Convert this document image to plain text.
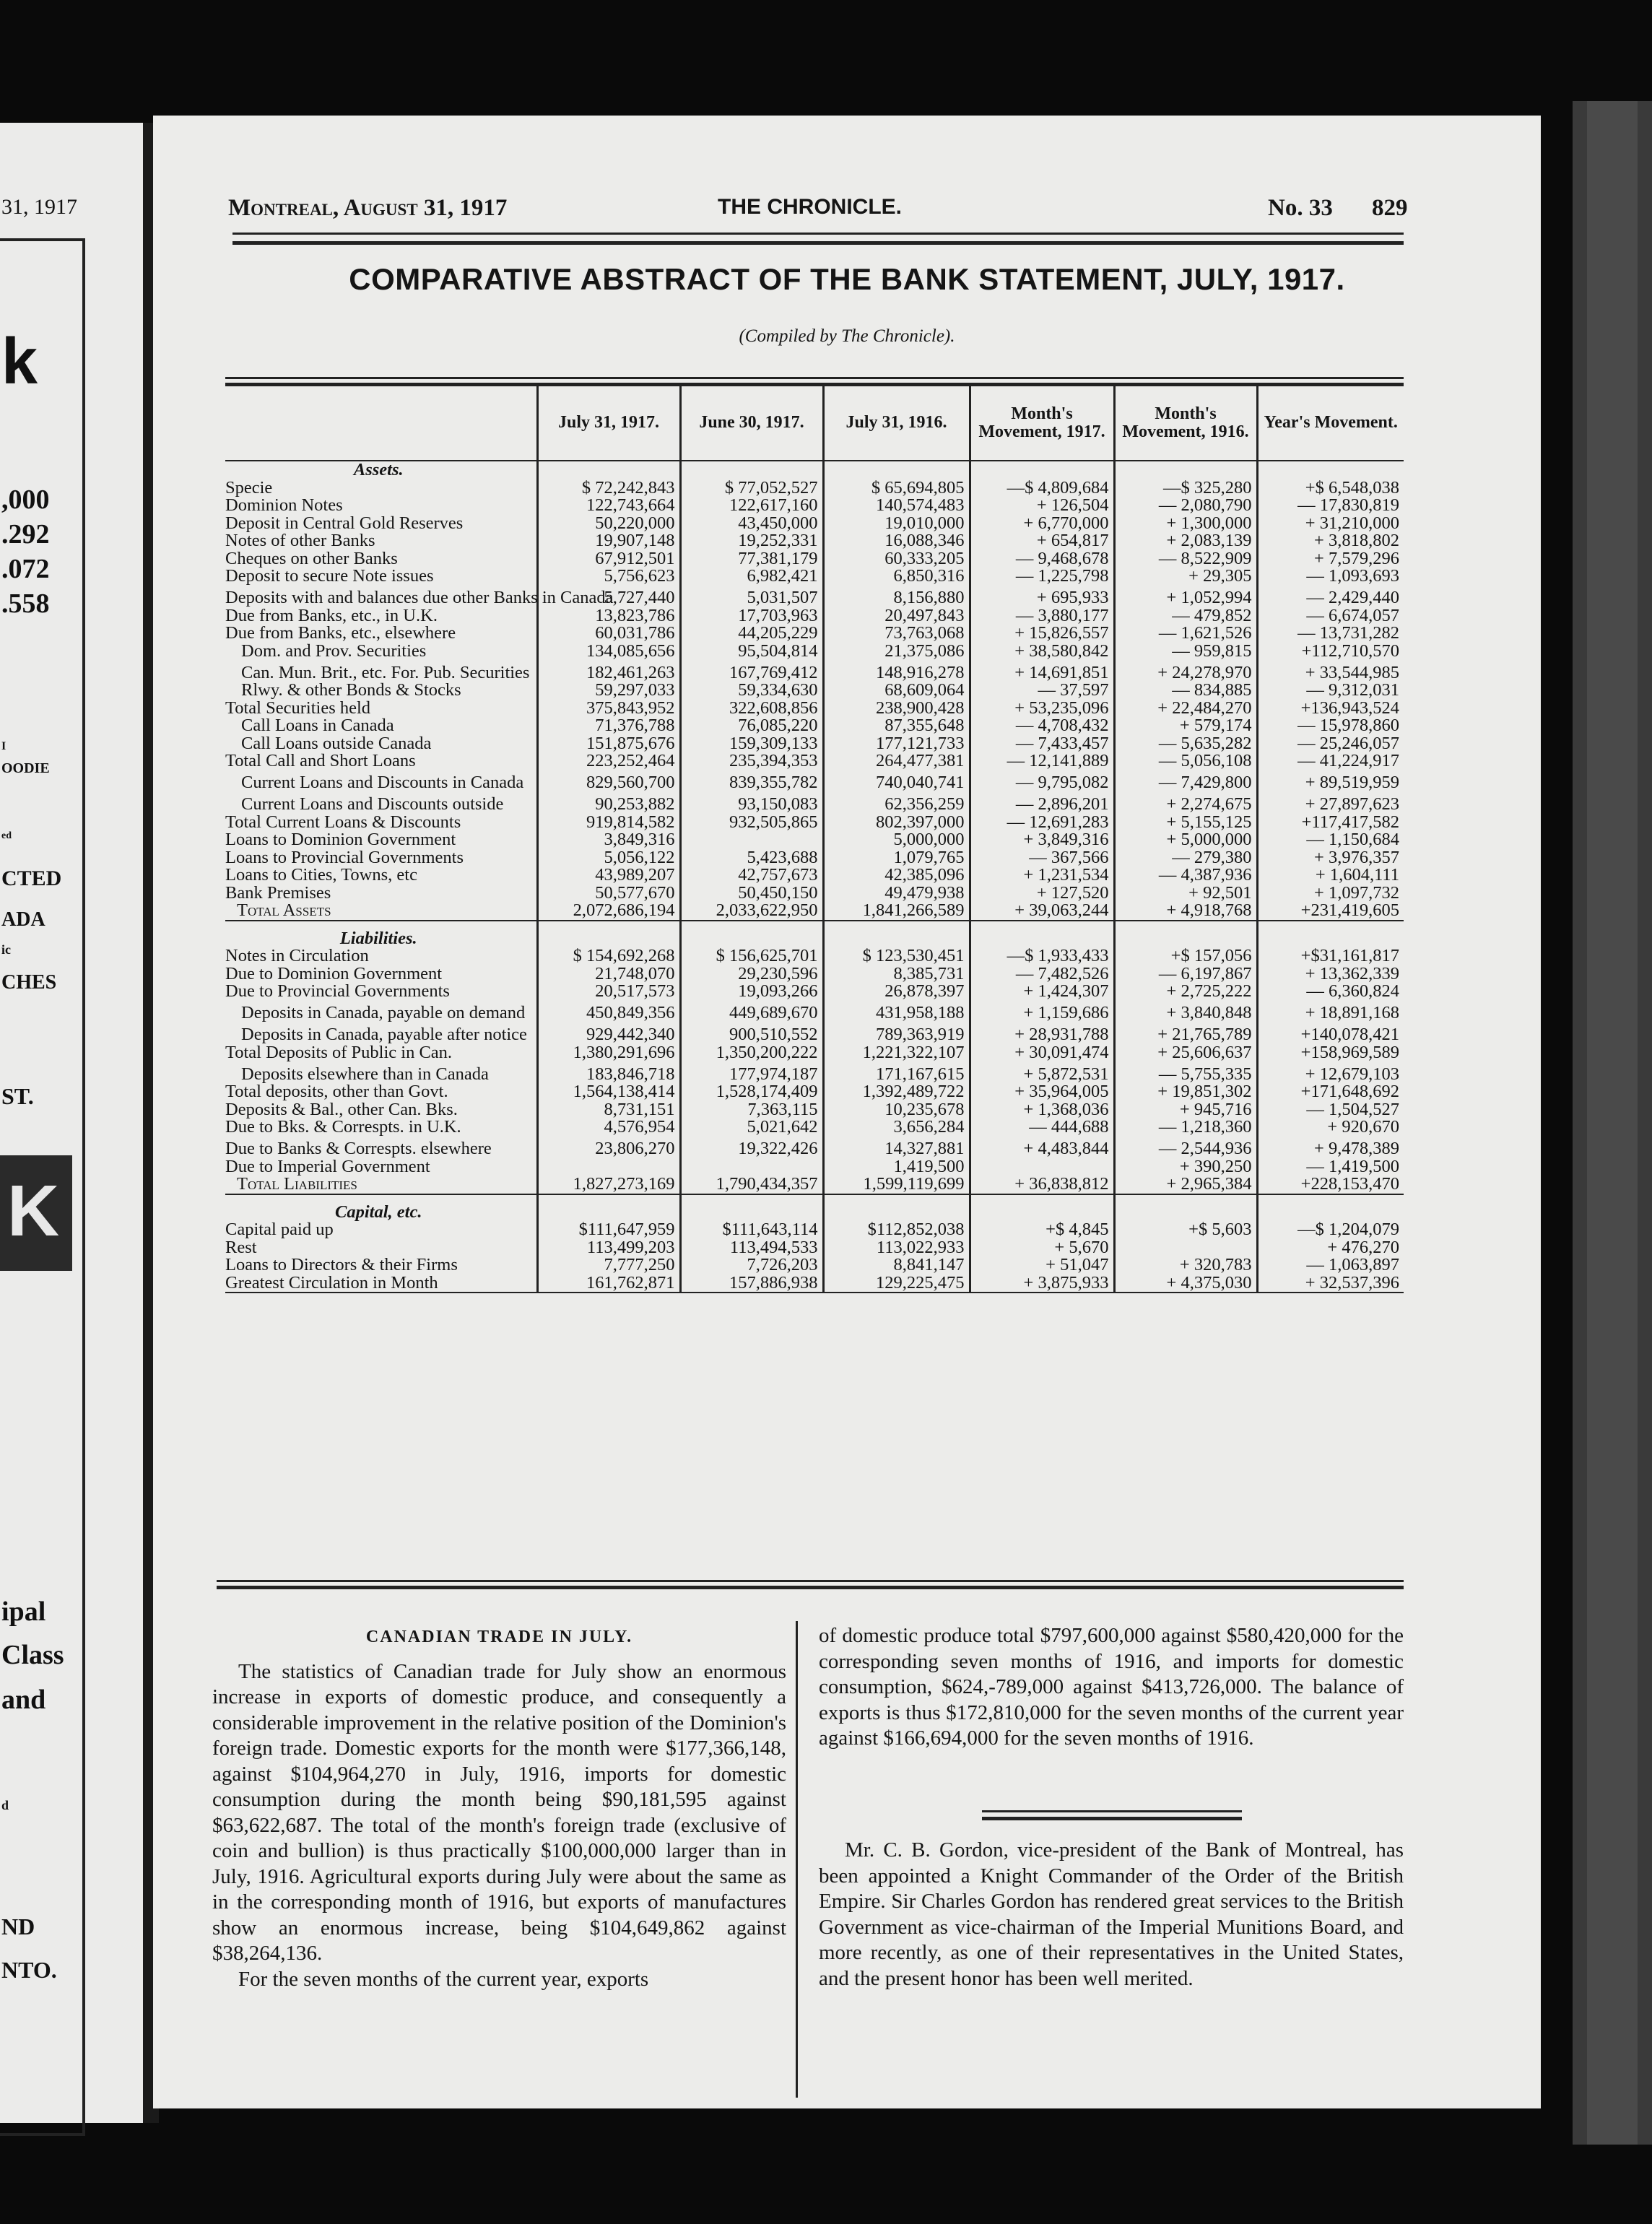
31, 1917
k
,000
.292
.072
.558
I
OODIE
ed
CTED
ADA
ic
CHES
ST.
K
ipal
Class
and
d
ND
NTO.
Montreal, August 31, 1917	THE CHRONICLE.	No. 33 829
COMPARATIVE ABSTRACT OF THE BANK STATEMENT, JULY, 1917.
(Compiled by The Chronicle).
	July 31, 1917.	June 30, 1917.	July 31, 1916.	Month's Movement, 1917.	Month's Movement, 1916.	Year's Movement.
Assets.						
Specie	$ 72,242,843	$ 77,052,527	$ 65,694,805	—$ 4,809,684	—$ 325,280	+$ 6,548,038
Dominion Notes	122,743,664	122,617,160	140,574,483	+ 126,504	— 2,080,790	— 17,830,819
Deposit in Central Gold Reserves	50,220,000	43,450,000	19,010,000	+ 6,770,000	+ 1,300,000	+ 31,210,000
Notes of other Banks	19,907,148	19,252,331	16,088,346	+ 654,817	+ 2,083,139	+ 3,818,802
Cheques on other Banks	67,912,501	77,381,179	60,333,205	— 9,468,678	— 8,522,909	+ 7,579,296
Deposit to secure Note issues	5,756,623	6,982,421	6,850,316	— 1,225,798	+ 29,305	— 1,093,693
Deposits with and balances due other Banks in Canada	5,727,440	5,031,507	8,156,880	+ 695,933	+ 1,052,994	— 2,429,440
Due from Banks, etc., in U.K.	13,823,786	17,703,963	20,497,843	— 3,880,177	— 479,852	— 6,674,057
Due from Banks, etc., elsewhere	60,031,786	44,205,229	73,763,068	+ 15,826,557	— 1,621,526	— 13,731,282
Dom. and Prov. Securities	134,085,656	95,504,814	21,375,086	+ 38,580,842	— 959,815	+112,710,570
Can. Mun. Brit., etc. For. Pub. Securities	182,461,263	167,769,412	148,916,278	+ 14,691,851	+ 24,278,970	+ 33,544,985
Rlwy. & other Bonds & Stocks	59,297,033	59,334,630	68,609,064	— 37,597	— 834,885	— 9,312,031
Total Securities held	375,843,952	322,608,856	238,900,428	+ 53,235,096	+ 22,484,270	+136,943,524
Call Loans in Canada	71,376,788	76,085,220	87,355,648	— 4,708,432	+ 579,174	— 15,978,860
Call Loans outside Canada	151,875,676	159,309,133	177,121,733	— 7,433,457	— 5,635,282	— 25,246,057
Total Call and Short Loans	223,252,464	235,394,353	264,477,381	— 12,141,889	— 5,056,108	— 41,224,917
Current Loans and Discounts in Canada	829,560,700	839,355,782	740,040,741	— 9,795,082	— 7,429,800	+ 89,519,959
Current Loans and Discounts outside	90,253,882	93,150,083	62,356,259	— 2,896,201	+ 2,274,675	+ 27,897,623
Total Current Loans & Discounts	919,814,582	932,505,865	802,397,000	— 12,691,283	+ 5,155,125	+117,417,582
Loans to Dominion Government	3,849,316		5,000,000	+ 3,849,316	+ 5,000,000	— 1,150,684
Loans to Provincial Governments	5,056,122	5,423,688	1,079,765	— 367,566	— 279,380	+ 3,976,357
Loans to Cities, Towns, etc	43,989,207	42,757,673	42,385,096	+ 1,231,534	— 4,387,936	+ 1,604,111
Bank Premises	50,577,670	50,450,150	49,479,938	+ 127,520	+ 92,501	+ 1,097,732
Total Assets	2,072,686,194	2,033,622,950	1,841,266,589	+ 39,063,244	+ 4,918,768	+231,419,605

Liabilities.						
Notes in Circulation	$ 154,692,268	$ 156,625,701	$ 123,530,451	—$ 1,933,433	+$ 157,056	+$31,161,817
Due to Dominion Government	21,748,070	29,230,596	8,385,731	— 7,482,526	— 6,197,867	+ 13,362,339
Due to Provincial Governments	20,517,573	19,093,266	26,878,397	+ 1,424,307	+ 2,725,222	— 6,360,824
Deposits in Canada, payable on demand	450,849,356	449,689,670	431,958,188	+ 1,159,686	+ 3,840,848	+ 18,891,168
Deposits in Canada, payable after notice	929,442,340	900,510,552	789,363,919	+ 28,931,788	+ 21,765,789	+140,078,421
Total Deposits of Public in Can.	1,380,291,696	1,350,200,222	1,221,322,107	+ 30,091,474	+ 25,606,637	+158,969,589
Deposits elsewhere than in Canada	183,846,718	177,974,187	171,167,615	+ 5,872,531	— 5,755,335	+ 12,679,103
Total deposits, other than Govt.	1,564,138,414	1,528,174,409	1,392,489,722	+ 35,964,005	+ 19,851,302	+171,648,692
Deposits & Bal., other Can. Bks.	8,731,151	7,363,115	10,235,678	+ 1,368,036	+ 945,716	— 1,504,527
Due to Bks. & Correspts. in U.K.	4,576,954	5,021,642	3,656,284	— 444,688	— 1,218,360	+ 920,670
Due to Banks & Correspts. elsewhere	23,806,270	19,322,426	14,327,881	+ 4,483,844	— 2,544,936	+ 9,478,389
Due to Imperial Government			1,419,500		+ 390,250	— 1,419,500
Total Liabilities	1,827,273,169	1,790,434,357	1,599,119,699	+ 36,838,812	+ 2,965,384	+228,153,470

Capital, etc.						
Capital paid up	$111,647,959	$111,643,114	$112,852,038	+$ 4,845	+$ 5,603	—$ 1,204,079
Rest	113,499,203	113,494,533	113,022,933	+ 5,670		+ 476,270
Loans to Directors & their Firms	7,777,250	7,726,203	8,841,147	+ 51,047	+ 320,783	— 1,063,897
Greatest Circulation in Month	161,762,871	157,886,938	129,225,475	+ 3,875,933	+ 4,375,030	+ 32,537,396

CANADIAN TRADE IN JULY.

The statistics of Canadian trade for July show an enormous increase in exports of domestic produce, and consequently a considerable improvement in the relative position of the Dominion's foreign trade. Domestic exports for the month were $177,366,148, against $104,964,270 in July, 1916, imports for domestic consumption during the month being $90,181,595 against $63,622,687. The total of the month's foreign trade (exclusive of coin and bullion) is thus practically $100,000,000 larger than in July, 1916. Agricultural exports during July were about the same as in the corresponding month of 1916, but exports of manufactures show an enormous increase, being $104,649,862 against $38,264,136.

For the seven months of the current year, exports

of domestic produce total $797,600,000 against $580,420,000 for the corresponding seven months of 1916, and imports for domestic consumption, $624,-789,000 against $413,726,000. The balance of exports is thus $172,810,000 for the seven months of the current year against $166,694,000 for the seven months of 1916.

Mr. C. B. Gordon, vice-president of the Bank of Montreal, has been appointed a Knight Commander of the Order of the British Empire. Sir Charles Gordon has rendered great services to the British Government as vice-chairman of the Imperial Munitions Board, and more recently, as one of their representatives in the United States, and the present honor has been well merited.
